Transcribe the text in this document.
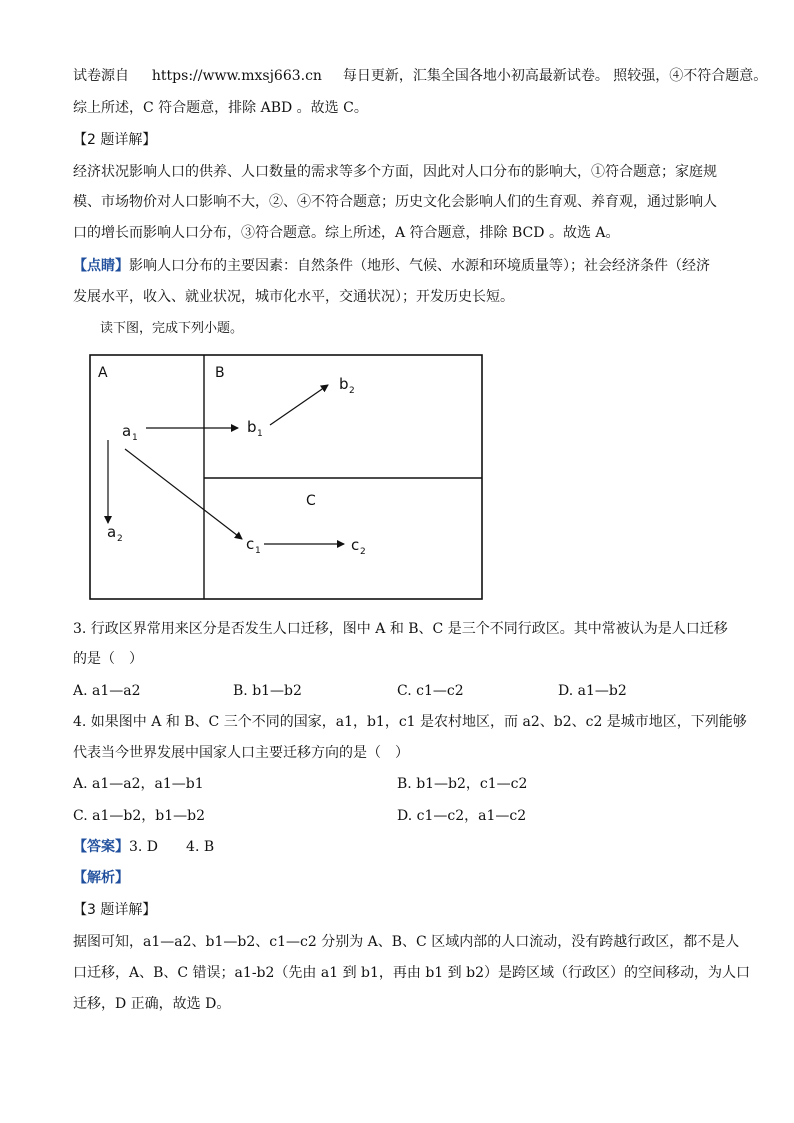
试卷源自 https://www.mxsj663.cn 每日更新，汇集全国各地小初高最新试卷。 照较强，④不符合题意。
综上所述，C 符合题意，排除 ABD 。故选 C。
【2 题详解】
经济状况影响人口的供养、人口数量的需求等多个方面，因此对人口分布的影响大，①符合题意；家庭规
模、市场物价对人口影响不大，②、④不符合题意；历史文化会影响人们的生育观、养育观，通过影响人
口的增长而影响人口分布，③符合题意。综上所述，A 符合题意，排除 BCD 。故选 A。
【点睛】影响人口分布的主要因素：自然条件（地形、气候、水源和环境质量等）；社会经济条件（经济
发展水平，收入、就业状况，城市化水平，交通状况）；开发历史长短。
读下图，完成下列小题。
A	B
C
a 1
a 2
b 1
b 2
c 1	c 2
3. 行政区界常用来区分是否发生人口迁移，图中 A 和 B、C 是三个不同行政区。其中常被认为是人口迁移
的是（　）
A. a1—a2	B. b1—b2	C. c1—c2	D. a1—b2
4. 如果图中 A 和 B、C 三个不同的国家，a1，b1，c1 是农村地区，而 a2、b2、c2 是城市地区，下列能够
代表当今世界发展中国家人口主要迁移方向的是（　）
A. a1—a2，a1—b1	B. b1—b2，c1—c2
C. a1—b2，b1—b2	D. c1—c2，a1—c2
【答案】3. D 4. B
【解析】
【3 题详解】
据图可知，a1—a2、b1—b2、c1—c2 分别为 A、B、C 区域内部的人口流动，没有跨越行政区，都不是人
口迁移，A、B、C 错误；a1-b2（先由 a1 到 b1，再由 b1 到 b2）是跨区域（行政区）的空间移动，为人口
迁移，D 正确，故选 D。
